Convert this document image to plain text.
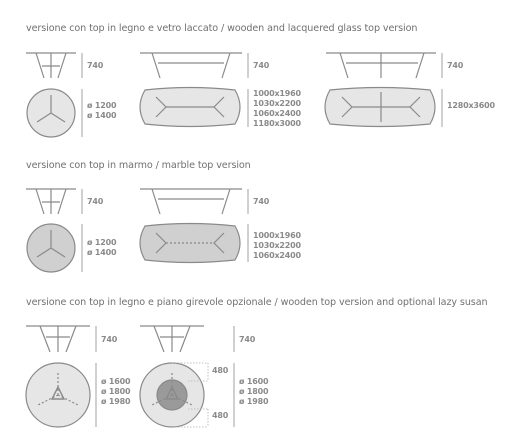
versione con top in legno e vetro laccato / wooden and lacquered glass top version
740
ø 1200
ø 1400
740
1000x1960
1030x2200
1060x2400
1180x3000
740
1280x3600
versione con top in marmo / marble top version
740
ø 1200
ø 1400
740
1000x1960
1030x2200
1060x2400
versione con top in legno e piano girevole opzionale / wooden top version and optional lazy susan
740
ø 1600
ø 1800
ø 1980
740
480
480
ø 1600
ø 1800
ø 1980
